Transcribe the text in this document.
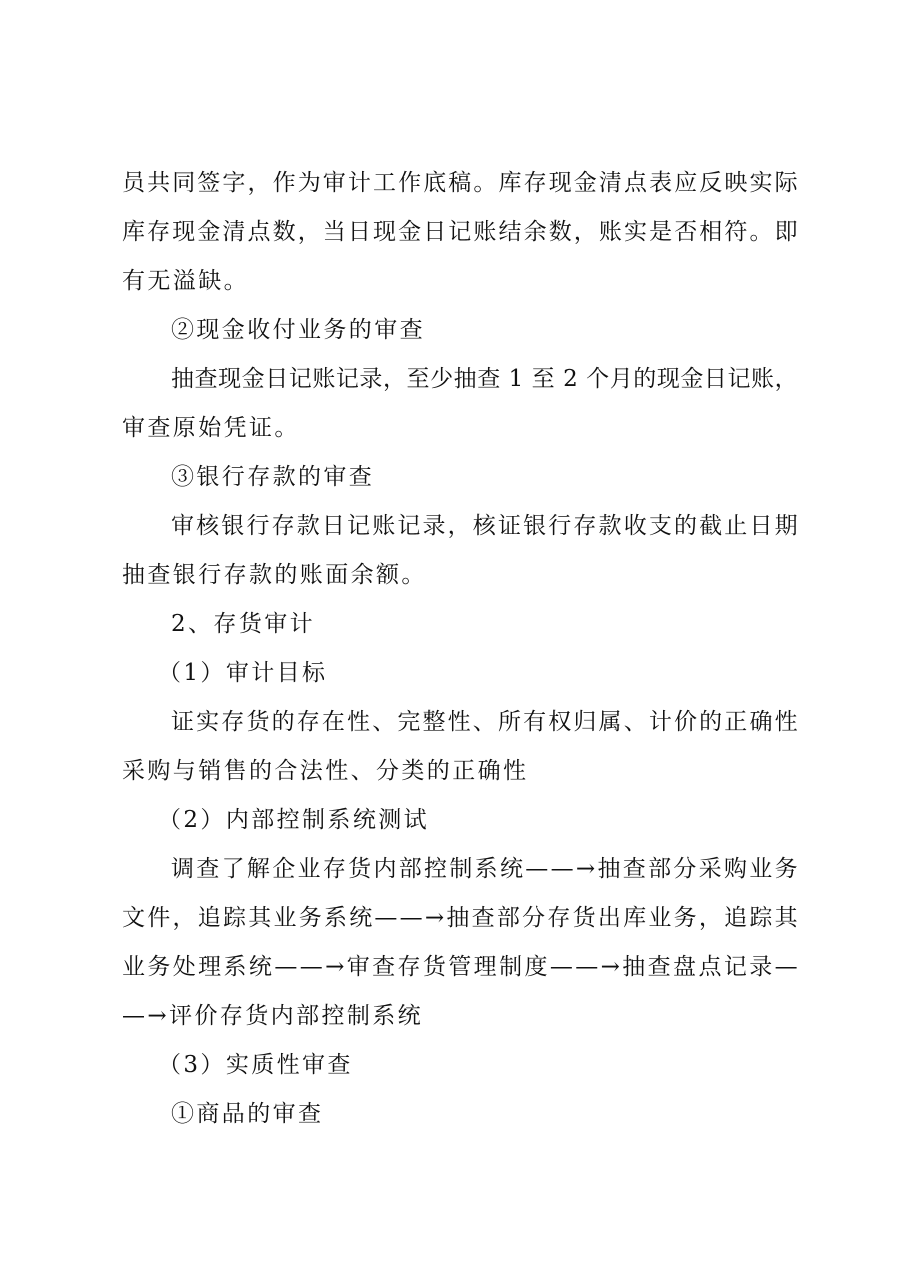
员共同签字，作为审计工作底稿。库存现金清点表应反映实际
库存现金清点数，当日现金日记账结余数，账实是否相符。即
有无溢缺。
②现金收付业务的审查
抽查现金日记账记录，至少抽查 1 至 2 个月的现金日记账，
审查原始凭证。
③银行存款的审查
审核银行存款日记账记录，核证银行存款收支的截止日期
抽查银行存款的账面余额。
2、存货审计
（1）审计目标
证实存货的存在性、完整性、所有权归属、计价的正确性
采购与销售的合法性、分类的正确性
（2）内部控制系统测试
调查了解企业存货内部控制系统——→抽查部分采购业务
文件，追踪其业务系统——→抽查部分存货出库业务，追踪其
业务处理系统——→审查存货管理制度——→抽查盘点记录—
—→评价存货内部控制系统
（3）实质性审查
①商品的审查
